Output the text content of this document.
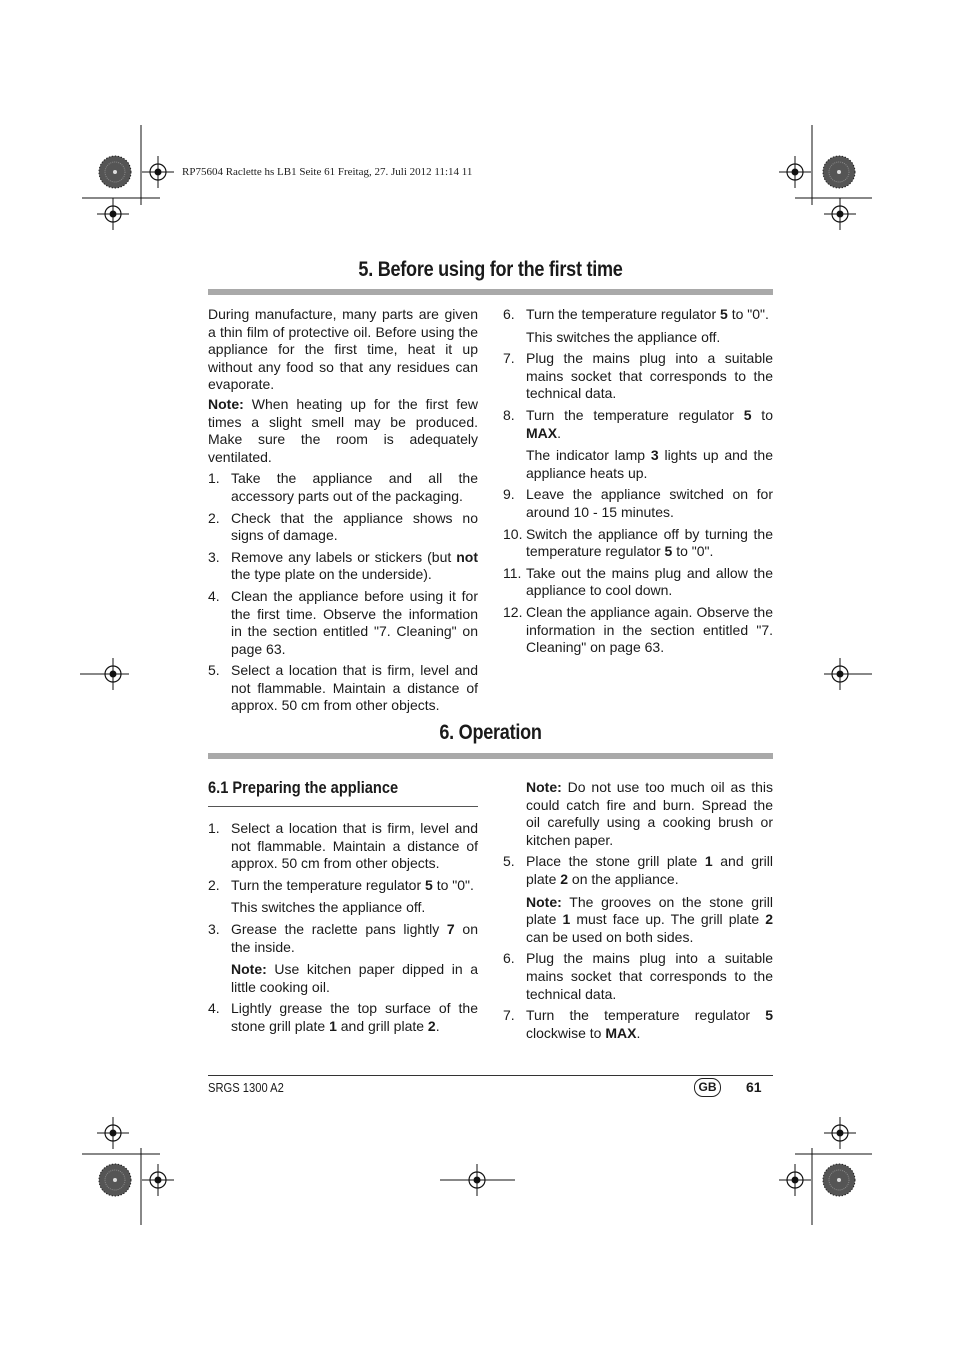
RP75604 Raclette hs LB1 Seite 61 Freitag, 27. Juli 2012 11:14 11
5. Before using for the first time

During manufacture, many parts are given a thin film of protective oil. Before using the appliance for the first time, heat it up without any food so that any residues can evaporate.

Note: When heating up for the first few times a slight smell may be produced. Make sure the room is adequately ventilated.

1. Take the appliance and all the accessory parts out of the packaging.
2. Check that the appliance shows no signs of damage.
3. Remove any labels or stickers (but not the type plate on the underside).
4. Clean the appliance before using it for the first time. Observe the information in the section entitled "7. Cleaning" on page 63.
5. Select a location that is firm, level and not flammable. Maintain a distance of approx. 50 cm from other objects.
6. Turn the temperature regulator 5 to "0".
This switches the appliance off.
7. Plug the mains plug into a suitable mains socket that corresponds to the technical data.
8. Turn the temperature regulator 5 to MAX.
The indicator lamp 3 lights up and the appliance heats up.
9. Leave the appliance switched on for around 10 - 15 minutes.
10. Switch the appliance off by turning the temperature regulator 5 to "0".
11. Take out the mains plug and allow the appliance to cool down.
12. Clean the appliance again. Observe the information in the section entitled "7. Cleaning" on page 63.
6. Operation
6.1 Preparing the appliance
1. Select a location that is firm, level and not flammable. Maintain a distance of approx. 50 cm from other objects.
2. Turn the temperature regulator 5 to "0".
This switches the appliance off.
3. Grease the raclette pans lightly 7 on the inside.
Note: Use kitchen paper dipped in a little cooking oil.
4. Lightly grease the top surface of the stone grill plate 1 and grill plate 2.
Note: Do not use too much oil as this could catch fire and burn. Spread the oil carefully using a cooking brush or kitchen paper.
5. Place the stone grill plate 1 and grill plate 2 on the appliance.
Note: The grooves on the stone grill plate 1 must face up. The grill plate 2 can be used on both sides.
6. Plug the mains plug into a suitable mains socket that corresponds to the technical data.
7. Turn the temperature regulator 5 clockwise to MAX.
SRGS 1300 A2	GB	61
